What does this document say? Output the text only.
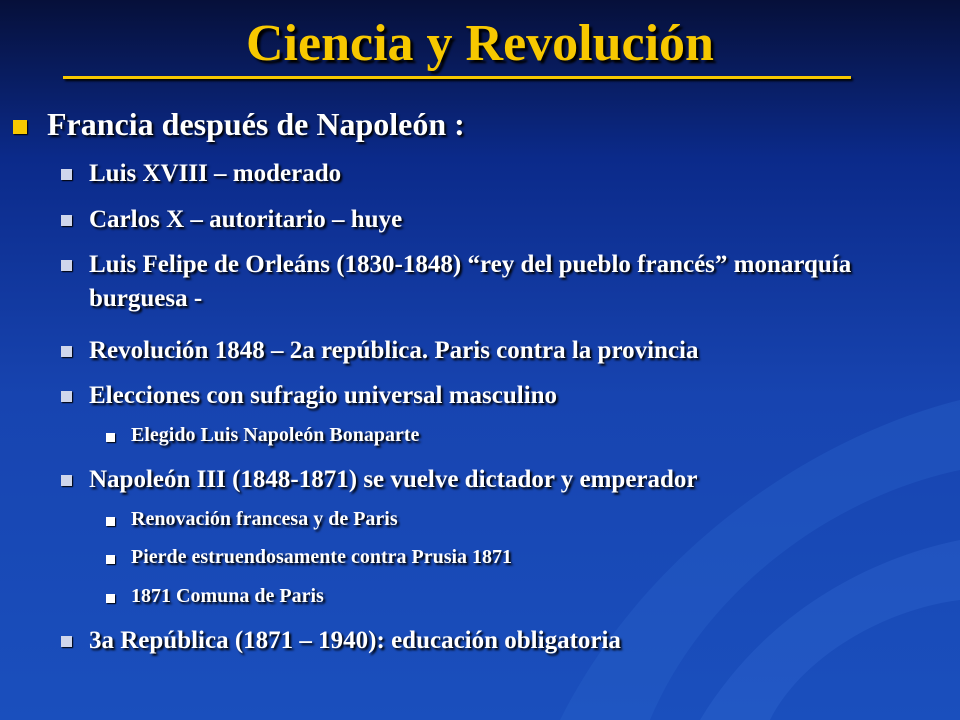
Ciencia y Revolución
Francia después de Napoleón :
Luis XVIII – moderado
Carlos X – autoritario – huye
Luis Felipe de Orleáns (1830-1848) “rey del pueblo francés” monarquía burguesa -
Revolución 1848 – 2a república. Paris contra la provincia
Elecciones con sufragio universal masculino
Elegido Luis Napoleón Bonaparte
Napoleón III (1848-1871) se vuelve dictador y emperador
Renovación francesa y de Paris
Pierde estruendosamente contra Prusia 1871
1871 Comuna de Paris
3a República (1871 – 1940): educación obligatoria
